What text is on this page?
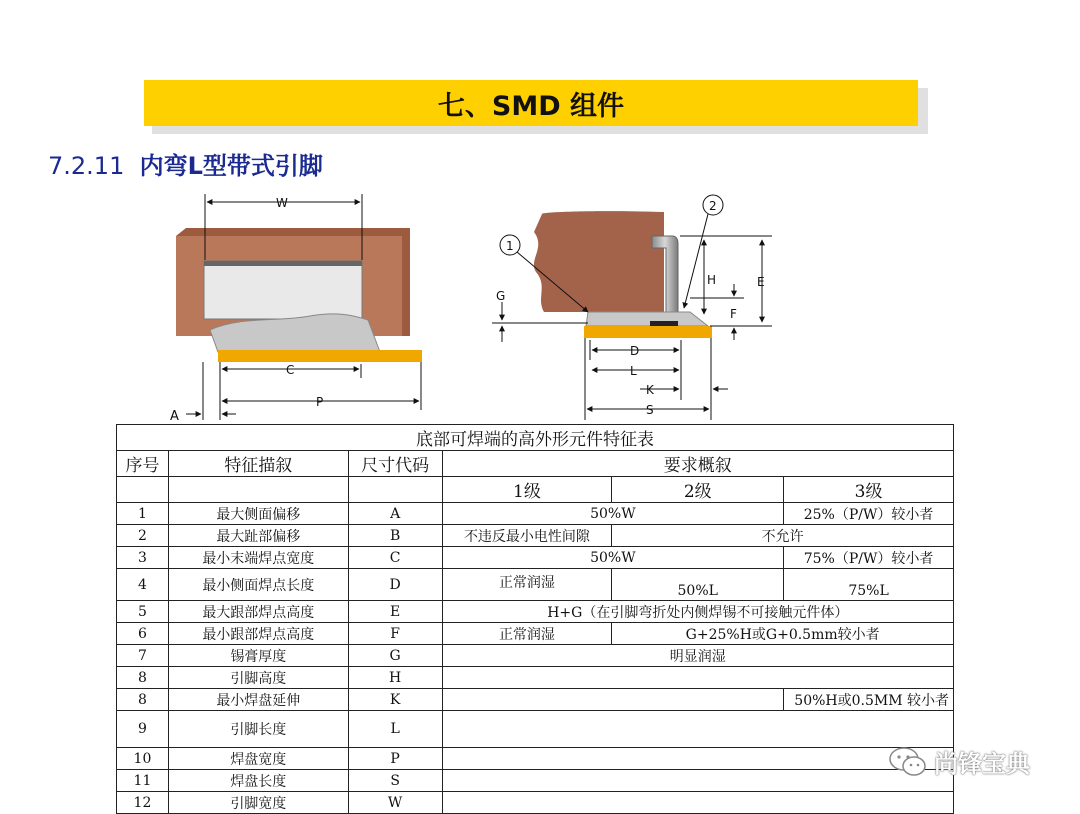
七、SMD 组件
7.2.11 内弯L型带式引脚
W
C
P
A
1
2
G
H	E
F
D
L
K
S
底部可焊端的高外形元件特征表					
序号	特征描叙	尺寸代码	要求概叙		
			1级	2级	3级
1	最大侧面偏移	A	50%W		25%（P/W）较小者
2	最大趾部偏移	B	不违反最小电性间隙	不允许	
3	最小末端焊点宽度	C	50%W		75%（P/W）较小者
4	最小侧面焊点长度	D	正常润湿	50%L	75%L
5	最大跟部焊点高度	E	H+G（在引脚弯折处内侧焊锡不可接触元件体）		
6	最小跟部焊点高度	F	正常润湿	G+25%H或G+0.5mm较小者	
7	锡膏厚度	G	明显润湿		
8	引脚高度	H			
8	最小焊盘延伸	K			50%H或0.5MM 较小者
9	引脚长度	L			
10	焊盘宽度	P			
11	焊盘长度	S			
12	引脚宽度	W			
尚锋宝典
